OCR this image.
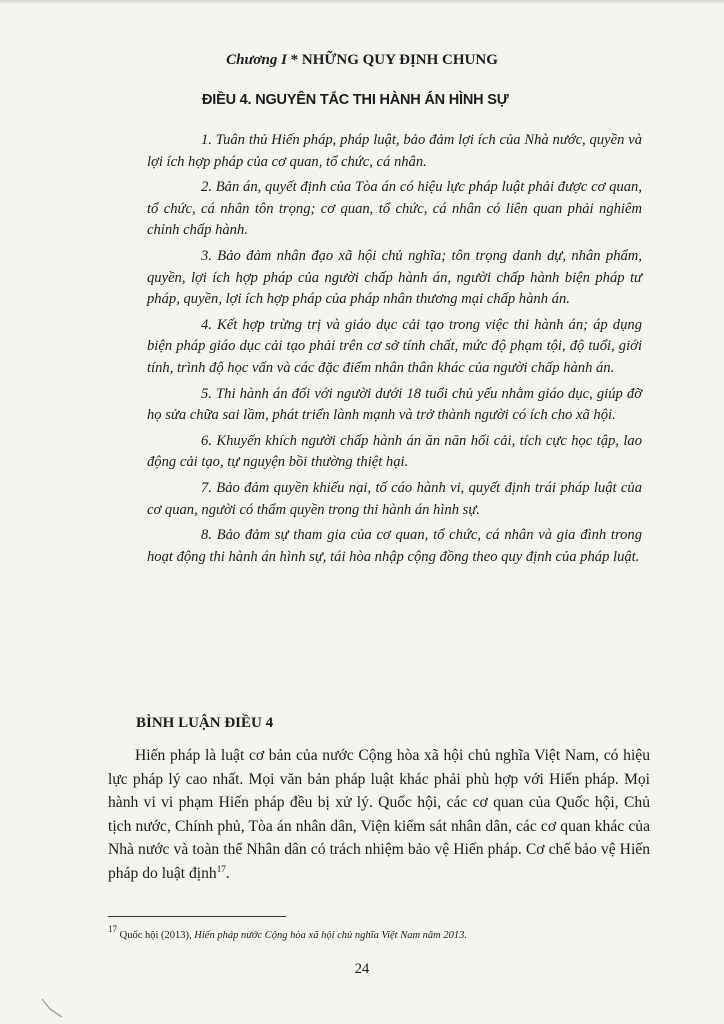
Chương I * NHỮNG QUY ĐỊNH CHUNG
ĐIỀU 4. NGUYÊN TẮC THI HÀNH ÁN HÌNH SỰ

1. Tuân thủ Hiến pháp, pháp luật, bảo đảm lợi ích của Nhà nước, quyền và lợi ích hợp pháp của cơ quan, tổ chức, cá nhân.

2. Bản án, quyết định của Tòa án có hiệu lực pháp luật phải được cơ quan, tổ chức, cá nhân tôn trọng; cơ quan, tổ chức, cá nhân có liên quan phải nghiêm chỉnh chấp hành.

3. Bảo đảm nhân đạo xã hội chủ nghĩa; tôn trọng danh dự, nhân phẩm, quyền, lợi ích hợp pháp của người chấp hành án, người chấp hành biện pháp tư pháp, quyền, lợi ích hợp pháp của pháp nhân thương mại chấp hành án.

4. Kết hợp trừng trị và giáo dục cải tạo trong việc thi hành án; áp dụng biện pháp giáo dục cải tạo phải trên cơ sở tính chất, mức độ phạm tội, độ tuổi, giới tính, trình độ học vấn và các đặc điểm nhân thân khác của người chấp hành án.

5. Thi hành án đối với người dưới 18 tuổi chủ yếu nhằm giáo dục, giúp đỡ họ sửa chữa sai lầm, phát triển lành mạnh và trở thành người có ích cho xã hội.

6. Khuyến khích người chấp hành án ăn năn hối cải, tích cực học tập, lao động cải tạo, tự nguyện bồi thường thiệt hại.

7. Bảo đảm quyền khiếu nại, tố cáo hành vi, quyết định trái pháp luật của cơ quan, người có thẩm quyền trong thi hành án hình sự.

8. Bảo đảm sự tham gia của cơ quan, tổ chức, cá nhân và gia đình trong hoạt động thi hành án hình sự, tái hòa nhập cộng đồng theo quy định của pháp luật.

BÌNH LUẬN ĐIỀU 4

Hiến pháp là luật cơ bản của nước Cộng hòa xã hội chủ nghĩa Việt Nam, có hiệu lực pháp lý cao nhất. Mọi văn bản pháp luật khác phải phù hợp với Hiến pháp. Mọi hành vi vi phạm Hiến pháp đều bị xử lý. Quốc hội, các cơ quan của Quốc hội, Chủ tịch nước, Chính phủ, Tòa án nhân dân, Viện kiểm sát nhân dân, các cơ quan khác của Nhà nước và toàn thể Nhân dân có trách nhiệm bảo vệ Hiến pháp. Cơ chế bảo vệ Hiến pháp do luật định$^{17}$.

$^{17}$ Quốc hội (2013), Hiến pháp nước Cộng hòa xã hội chủ nghĩa Việt Nam năm 2013.
24
